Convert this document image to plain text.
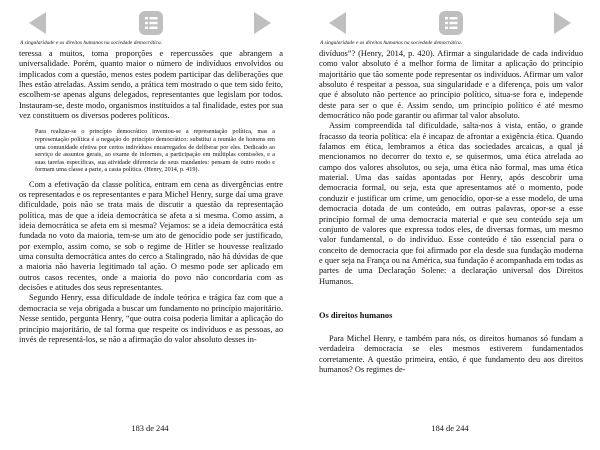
A singularidade e os direitos humanos na sociedade democrática.

teressa a muitos, toma proporções e repercussões que abrangem a universalidade. Porém, quanto maior o número de indivíduos envolvidos ou implicados com a questão, menos estes podem participar das deliberações que lhes estão atreladas. Assim sendo, a prática tem mostrado o que tem sido feito, escolhem-se apenas alguns delegados, representantes que legislam por todos. Instauram-se, deste modo, organismos instituídos a tal finalidade, estes por sua vez constituem os diversos poderes políticos.

Para realizar-se o princípio democrático inventou-se a representação política, mas a representação política é a negação do princípio democrático: substitui a reunião de homens em uma comunidade efetiva por certos indivíduos encarregados de deliberar por eles. Dedicado ao serviço de assuntos gerais, ao exame de informes, a participação em múltiplas comissões, e a suas tarefas específicas, sua atividade diferencia de seus mandantes: pensam de outro modo e formam uma classe a parte, a casta política. (Henry, 2014, p. 419).

Com a efetivação da classe política, entram em cena as divergências entre os representados e os representantes e para Michel Henry, surge daí uma grave dificuldade, pois não se trata mais de discutir a questão da representação política, mas de que a ideia democrática se afeta a si mesma. Como assim, a ideia democrática se afeta em si mesma? Vejamos: se a ideia democrática está fundada no voto da maioria, tem-se um ato de genocídio pode ser justificado, por exemplo, assim como, se sob o regime de Hitler se houvesse realizado uma consulta democrática antes do cerco a Stalingrado, não há dúvidas de que a maioria não haveria legitimado tal ação. O mesmo pode ser aplicado em outros casos recentes, onde a maioria do povo não concordaria com as decisões e atitudes dos seus representantes.

Segundo Henry, essa dificuldade de índole teórica e trágica faz com que a democracia se veja obrigada a buscar um fundamento no princípio majoritário. Nesse sentido, pergunta Henry, “que outra coisa poderia limitar a aplicação do princípio majoritário, de tal forma que respeite os indivíduos e as pessoas, ao invés de representá-los, se não a afirmação do valor absoluto desses in-

183 de 244
A singularidade e os direitos humanos na sociedade democrática.

divíduos”? (Henry, 2014, p. 420). Afirmar a singularidade de cada indivíduo como valor absoluto é a melhor forma de limitar a aplicação do princípio majoritário que tão somente pode representar os indivíduos. Afirmar um valor absoluto é respeitar a pessoa, sua singularidade e a diferença, pois um valor que é absoluto não pertence ao princípio político, situa-se fora e, independe deste para ser o que é. Assim sendo, um princípio político é até mesmo democrático não pode garantir ou afirmar tal valor absoluto.

Assim compreendida tal dificuldade, salta-nos à vista, então, o grande fracasso da teoria política: ela é incapaz de afrontar a exigência ética. Quando falamos em ética, lembramos a ética das sociedades arcaicas, a qual já mencionamos no decorrer do texto e, se quisermos, uma ética atrelada ao campo dos valores absolutos, ou seja, uma ética não formal, mas uma ética material. Uma das saídas apontadas por Henry, após descobrir uma democracia formal, ou seja, esta que apresentamos até o momento, pode conduzir e justificar um crime, um genocídio, opor-se a esse modelo, de uma democracia dotada de um conteúdo, em outras palavras, opor-se a esse princípio formal de uma democracia material e que seu conteúdo seja um conjunto de valores que expressa todos eles, de diversas formas, um mesmo valor fundamental, o do indivíduo. Esse conteúdo é tão essencial para o conceito de democracia que foi afirmado por ela desde sua fundação moderna e quer seja na França ou na América, sua fundação é acompanhada em todas as partes de uma Declaração Solene: a declaração universal dos Direitos Humanos.

Os direitos humanos

Para Michel Henry, e também para nós, os direitos humanos só fundam a verdadeira democracia se eles mesmos estiverem fundamentados corretamente. A questão primeira, então, é que fundamento deu aos direitos humanos? Os regimes de-

184 de 244
